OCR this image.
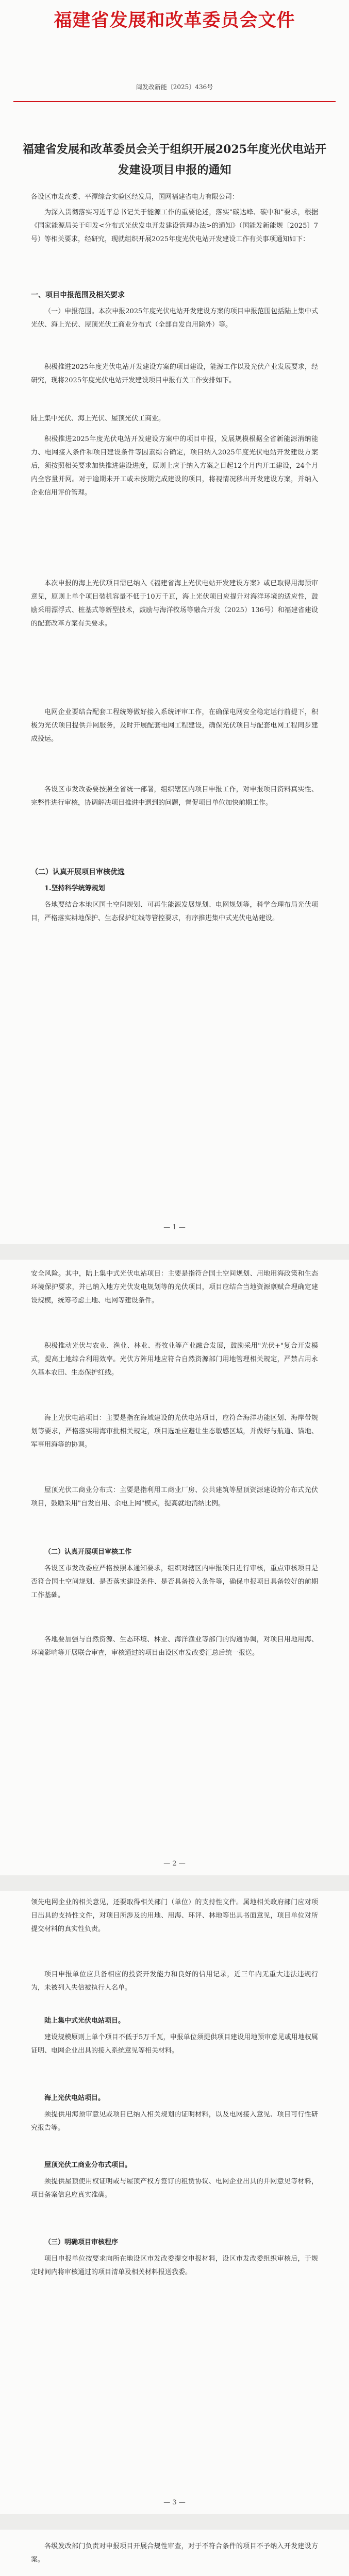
福建省发展和改革委员会文件
闽发改新能〔2025〕436号
福建省发展和改革委员会关于组织开展2025年度光伏电站开发建设项目申报的通知
各设区市发改委、平潭综合实验区经发局，国网福建省电力有限公司：
为深入贯彻落实习近平总书记关于能源工作的重要论述，落实"碳达峰、碳中和"要求，根据《国家能源局关于印发<分布式光伏发电开发建设管理办法>的通知》（国能发新能规〔2025〕7号）等相关要求，经研究，现就组织开展2025年度光伏电站开发建设工作有关事项通知如下：
一、项目申报范围及相关要求
（一）申报范围。本次申报2025年度光伏电站开发建设方案的项目申报范围包括陆上集中式光伏、海上光伏、屋顶光伏工商业分布式（全部自发自用除外）等。
积极推进2025年度光伏电站开发建设方案的项目建设，能源工作以及光伏产业发展要求，经研究，现将2025年度光伏电站开发建设项目申报有关工作安排如下。
陆上集中光伏、海上光伏、屋顶光伏工商业。
积极推进2025年度光伏电站开发建设方案中的项目申报，发展规模根据全省新能源消纳能力、电网接入条件和项目建设条件等因素综合确定，项目纳入2025年度光伏电站开发建设方案后，须按照相关要求加快推进建设进度，原则上应于纳入方案之日起12个月内开工建设，24个月内全容量并网。对于逾期未开工或未按期完成建设的项目，将视情况移出开发建设方案，并纳入企业信用评价管理。
本次申报的海上光伏项目需已纳入《福建省海上光伏电站开发建设方案》或已取得用海预审意见，原则上单个项目装机容量不低于10万千瓦，海上光伏项目应提升对海洋环境的适应性，鼓励采用漂浮式、桩基式等新型技术，鼓励与海洋牧场等融合开发（2025）136号）和福建省建设的配套改革方案有关要求。
电网企业要结合配套工程统筹做好接入系统评审工作，在确保电网安全稳定运行前提下，积极为光伏项目提供并网服务，及时开展配套电网工程建设，确保光伏项目与配套电网工程同步建成投运。
各设区市发改委要按照全省统一部署，组织辖区内项目申报工作，对申报项目资料真实性、完整性进行审核，协调解决项目推进中遇到的问题，督促项目单位加快前期工作。
（二）认真开展项目审核优选
1.坚持科学统筹规划
各地要结合本地区国土空间规划、可再生能源发展规划、电网规划等，科学合理布局光伏项目，严格落实耕地保护、生态保护红线等管控要求，有序推进集中式光伏电站建设。
— 1 —
安全风险。其中，陆上集中式光伏电站项目：主要是指符合国土空间规划、用地用海政策和生态环境保护要求，并已纳入地方光伏发电规划等的光伏项目，项目应结合当地资源禀赋合理确定建设规模，统筹考虑土地、电网等建设条件。
积极推动光伏与农业、渔业、林业、畜牧业等产业融合发展，鼓励采用"光伏+"复合开发模式，提高土地综合利用效率。光伏方阵用地应符合自然资源部门用地管理相关规定，严禁占用永久基本农田、生态保护红线。
海上光伏电站项目：主要是指在海域建设的光伏电站项目，应符合海洋功能区划、海岸带规划等要求，严格落实用海审批相关规定，项目选址应避让生态敏感区域，并做好与航道、锚地、军事用海等的协调。
屋顶光伏工商业分布式：主要是指利用工商业厂房、公共建筑等屋顶资源建设的分布式光伏项目，鼓励采用"自发自用、余电上网"模式，提高就地消纳比例。
（二）认真开展项目审核工作
各设区市发改委应严格按照本通知要求，组织对辖区内申报项目进行审核，重点审核项目是否符合国土空间规划、是否落实建设条件、是否具备接入条件等，确保申报项目具备较好的前期工作基础。
各地要加强与自然资源、生态环境、林业、海洋渔业等部门的沟通协调，对项目用地用海、环境影响等开展联合审查，审核通过的项目由设区市发改委汇总后统一报送。
— 2 —
领先电网企业的相关意见，还要取得相关部门（单位）的支持性文件。属地相关政府部门应对项目出具的支持性文件，对项目所涉及的用地、用海、环评、林地等出具书面意见，项目单位对所提交材料的真实性负责。
项目申报单位应具备相应的投资开发能力和良好的信用记录，近三年内无重大违法违规行为，未被列入失信被执行人名单。
陆上集中式光伏电站项目。
建设规模原则上单个项目不低于5万千瓦，申报单位须提供项目建设用地预审意见或用地权属证明、电网企业出具的接入系统意见等相关材料。
海上光伏电站项目。
须提供用海预审意见或项目已纳入相关规划的证明材料，以及电网接入意见、项目可行性研究报告等。
屋顶光伏工商业分布式项目。
须提供屋顶使用权证明或与屋顶产权方签订的租赁协议、电网企业出具的并网意见等材料，项目备案信息应真实准确。
（三）明确项目审核程序
项目申报单位按要求向所在地设区市发改委提交申报材料，设区市发改委组织审核后，于规定时间内将审核通过的项目清单及相关材料报送我委。
— 3 —
各级发改部门负责对申报项目开展合规性审查，对于不符合条件的项目不予纳入开发建设方案。
